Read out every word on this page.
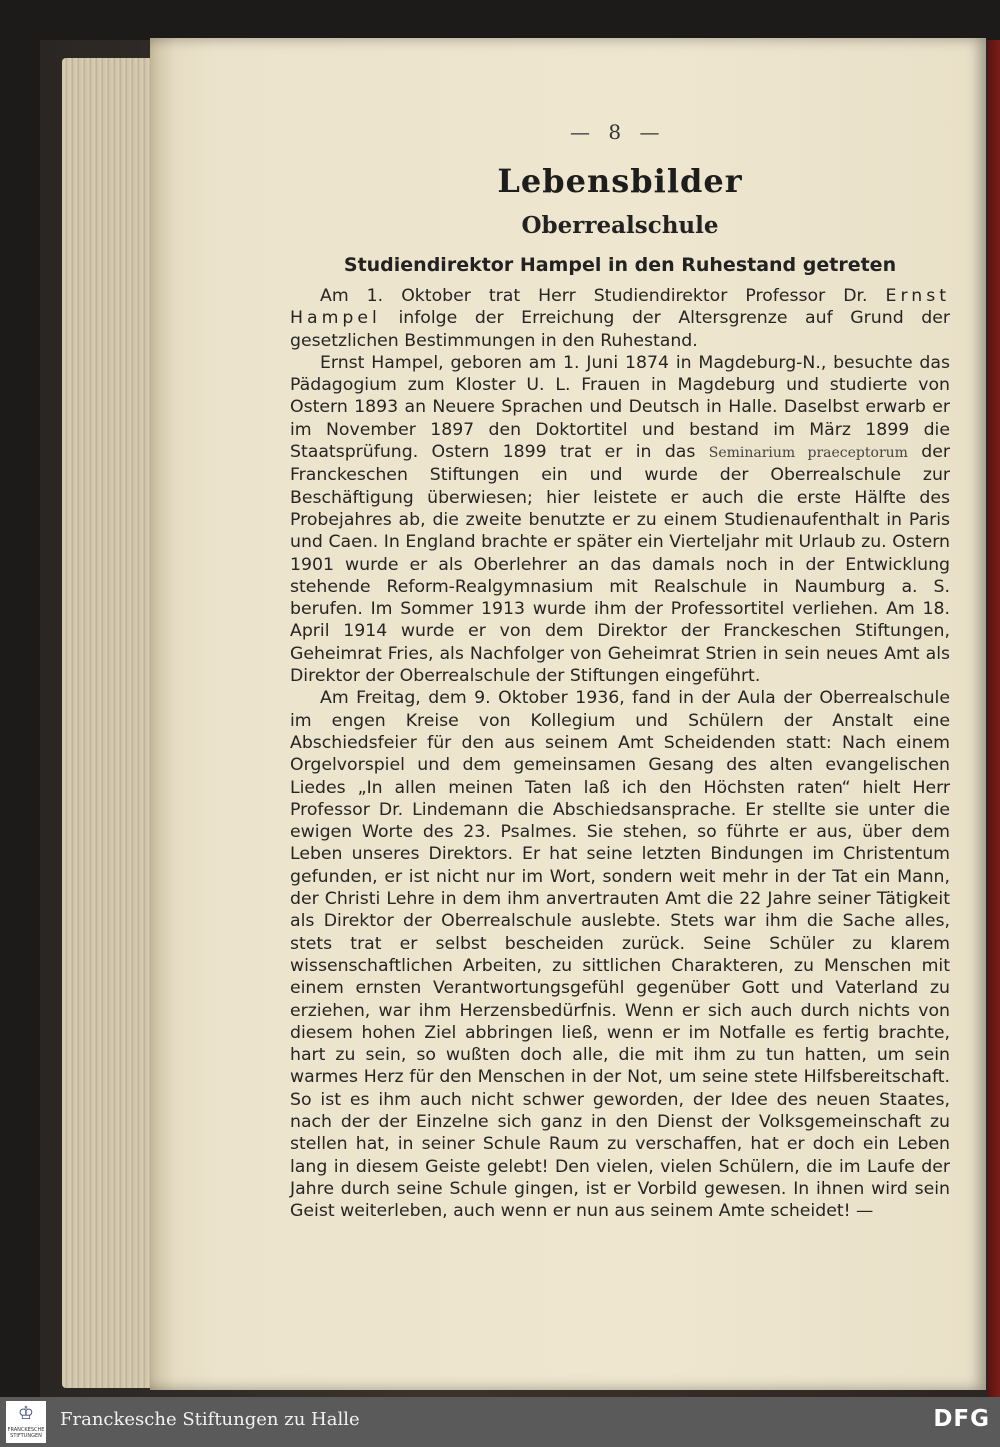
— 8 —
Lebensbilder
Oberrealschule
Studiendirektor Hampel in den Ruhestand getreten

Am 1. Oktober trat Herr Studiendirektor Professor Dr. Ernst Hampel infolge der Erreichung der Altersgrenze auf Grund der gesetzlichen Bestimmungen in den Ruhestand.

Ernst Hampel, geboren am 1. Juni 1874 in Magdeburg-N., besuchte das Pädagogium zum Kloster U. L. Frauen in Magdeburg und studierte von Ostern 1893 an Neuere Sprachen und Deutsch in Halle. Daselbst erwarb er im November 1897 den Doktortitel und bestand im März 1899 die Staatsprüfung. Ostern 1899 trat er in das Seminarium praeceptorum der Franckeschen Stiftungen ein und wurde der Oberrealschule zur Beschäftigung überwiesen; hier leistete er auch die erste Hälfte des Probejahres ab, die zweite benutzte er zu einem Studienaufenthalt in Paris und Caen. In England brachte er später ein Vierteljahr mit Urlaub zu. Ostern 1901 wurde er als Oberlehrer an das damals noch in der Entwicklung stehende Reform-Realgymnasium mit Realschule in Naumburg a. S. berufen. Im Sommer 1913 wurde ihm der Professortitel verliehen. Am 18. April 1914 wurde er von dem Direktor der Franckeschen Stiftungen, Geheimrat Fries, als Nachfolger von Geheimrat Strien in sein neues Amt als Direktor der Oberrealschule der Stiftungen eingeführt.

Am Freitag, dem 9. Oktober 1936, fand in der Aula der Oberrealschule im engen Kreise von Kollegium und Schülern der Anstalt eine Abschiedsfeier für den aus seinem Amt Scheidenden statt: Nach einem Orgelvorspiel und dem gemeinsamen Gesang des alten evangelischen Liedes „In allen meinen Taten laß ich den Höchsten raten“ hielt Herr Professor Dr. Lindemann die Abschiedsansprache. Er stellte sie unter die ewigen Worte des 23. Psalmes. Sie stehen, so führte er aus, über dem Leben unseres Direktors. Er hat seine letzten Bindungen im Christentum gefunden, er ist nicht nur im Wort, sondern weit mehr in der Tat ein Mann, der Christi Lehre in dem ihm anvertrauten Amt die 22 Jahre seiner Tätigkeit als Direktor der Oberrealschule auslebte. Stets war ihm die Sache alles, stets trat er selbst bescheiden zurück. Seine Schüler zu klarem wissenschaftlichen Arbeiten, zu sittlichen Charakteren, zu Menschen mit einem ernsten Verantwortungsgefühl gegenüber Gott und Vaterland zu erziehen, war ihm Herzensbedürfnis. Wenn er sich auch durch nichts von diesem hohen Ziel abbringen ließ, wenn er im Notfalle es fertig brachte, hart zu sein, so wußten doch alle, die mit ihm zu tun hatten, um sein warmes Herz für den Menschen in der Not, um seine stete Hilfsbereitschaft. So ist es ihm auch nicht schwer geworden, der Idee des neuen Staates, nach der der Einzelne sich ganz in den Dienst der Volksgemeinschaft zu stellen hat, in seiner Schule Raum zu verschaffen, hat er doch ein Leben lang in diesem Geiste gelebt! Den vielen, vielen Schülern, die im Laufe der Jahre durch seine Schule gingen, ist er Vorbild gewesen. In ihnen wird sein Geist weiterleben, auch wenn er nun aus seinem Amte scheidet! —

♔
FRANCKESCHE STIFTUNGEN
Franckesche Stiftungen zu Halle	DFG
